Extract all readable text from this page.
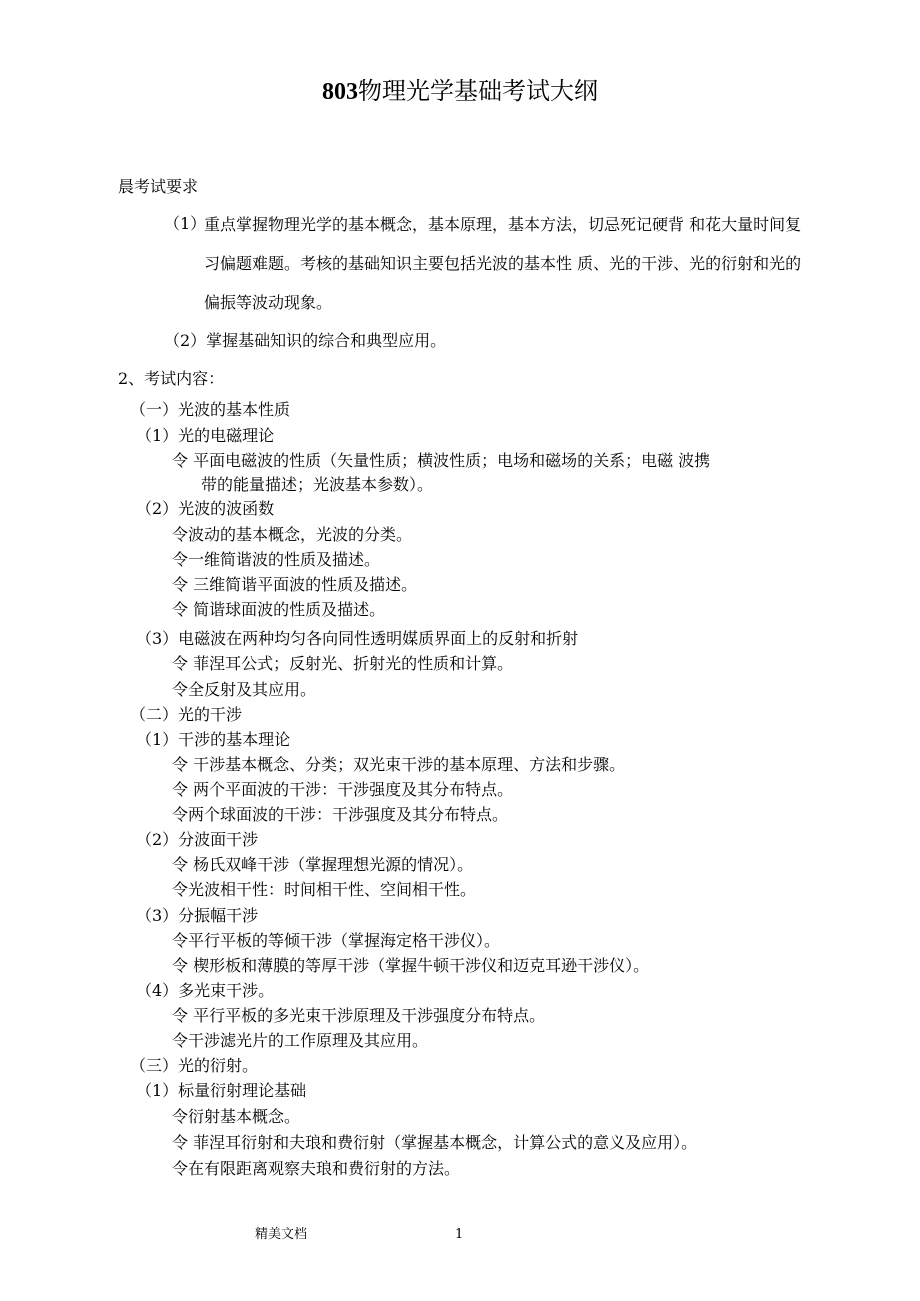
803物理光学基础考试大纲
晨考试要求
（1）
重点掌握物理光学的基本概念，基本原理，基本方法，切忌死记硬背 和花大量时间复习偏题难题。考核的基础知识主要包括光波的基本性 质、光的干涉、光的衍射和光的偏振等波动现象。
（2）掌握基础知识的综合和典型应用。
2、考试内容：
（一）光波的基本性质
（1）光的电磁理论
令 平面电磁波的性质（矢量性质；横波性质；电场和磁场的关系；电磁 波携
带的能量描述；光波基本参数）。
（2）光波的波函数
令波动的基本概念，光波的分类。
令一维简谐波的性质及描述。
令 三维简谐平面波的性质及描述。
令 简谐球面波的性质及描述。
（3）电磁波在两种均匀各向同性透明媒质界面上的反射和折射
令 菲涅耳公式；反射光、折射光的性质和计算。
令全反射及其应用。
（二）光的干涉
（1）干涉的基本理论
令 干涉基本概念、分类；双光束干涉的基本原理、方法和步骤。
令 两个平面波的干涉：干涉强度及其分布特点。
令两个球面波的干涉：干涉强度及其分布特点。
（2）分波面干涉
令 杨氏双峰干涉（掌握理想光源的情况）。
令光波相干性：时间相干性、空间相干性。
（3）分振幅干涉
令平行平板的等倾干涉（掌握海定格干涉仪）。
令 楔形板和薄膜的等厚干涉（掌握牛顿干涉仪和迈克耳逊干涉仪）。
（4）多光束干涉。
令 平行平板的多光束干涉原理及干涉强度分布特点。
令干涉滤光片的工作原理及其应用。
（三）光的衍射。
（1）标量衍射理论基础
令衍射基本概念。
令 菲涅耳衍射和夫琅和费衍射（掌握基本概念，计算公式的意义及应用）。
令在有限距离观察夫琅和费衍射的方法。
精美文档	1
